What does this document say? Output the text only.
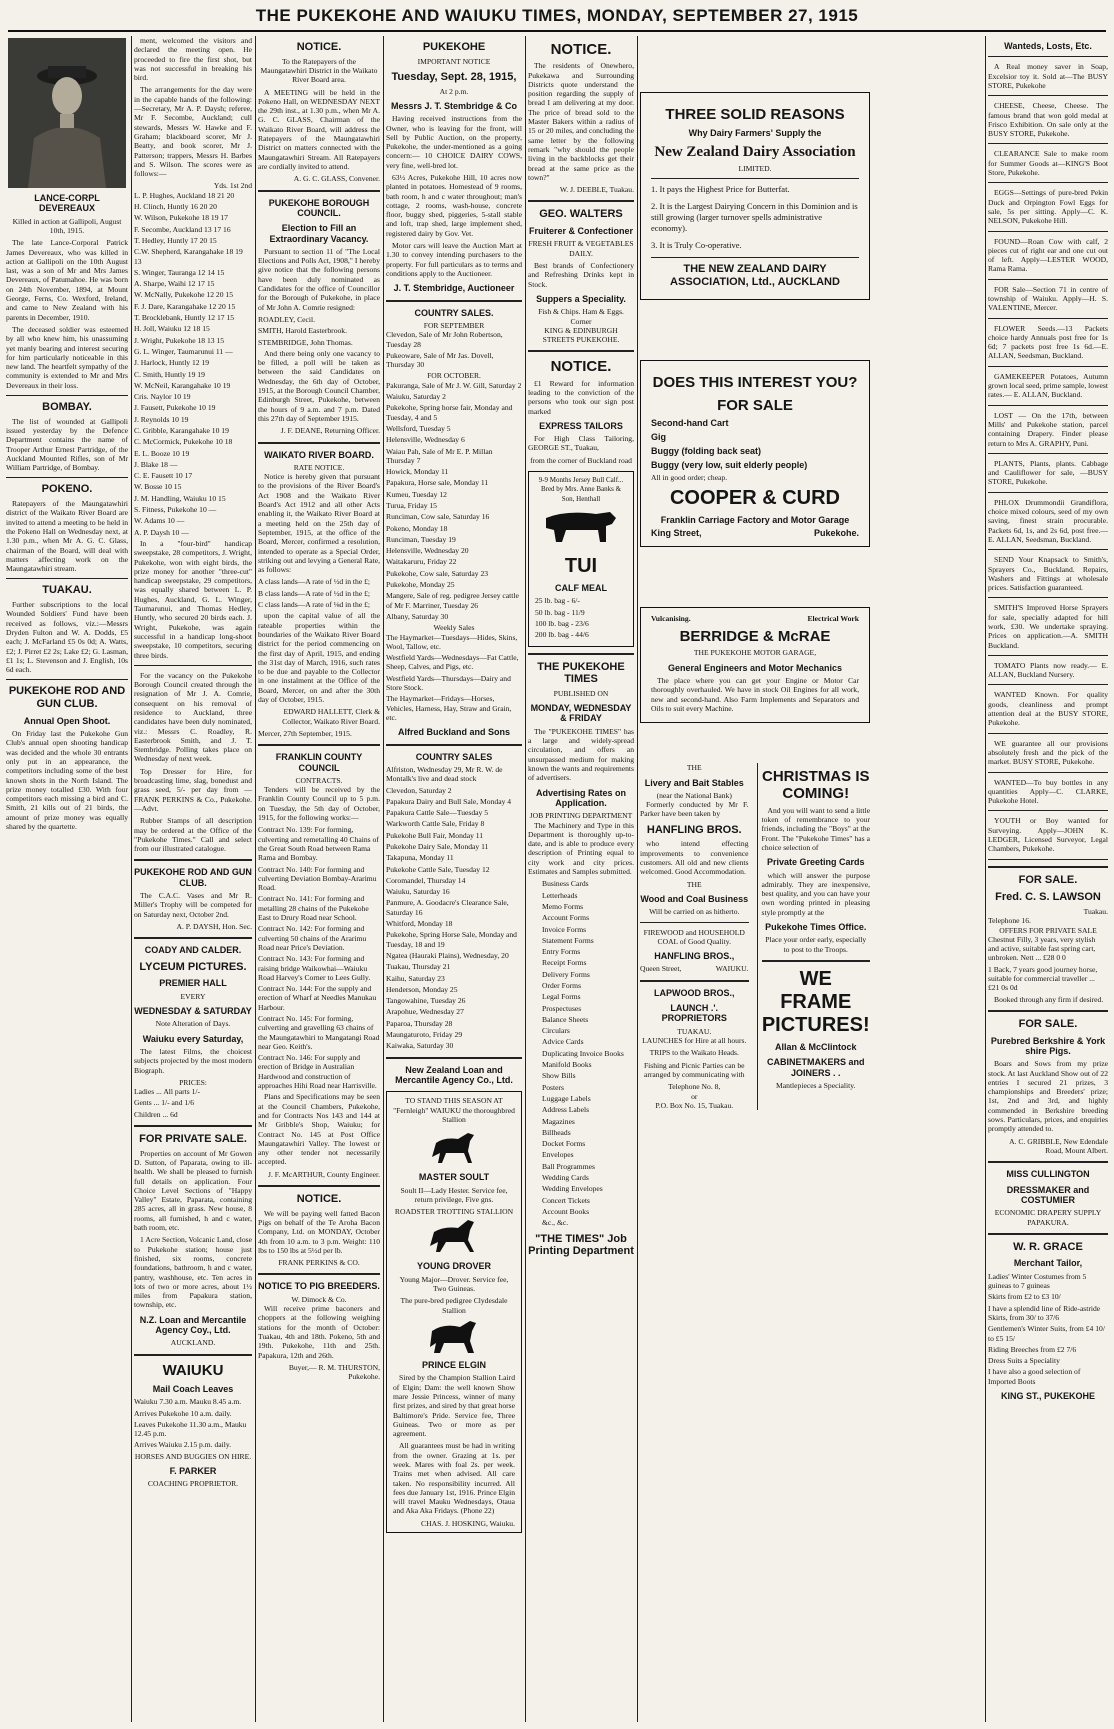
THE PUKEKOHE AND WAIUKU TIMES, MONDAY, SEPTEMBER 27, 1915
LANCE-CORPL DEVEREAUX

Killed in action at Gallipoli, August 10th, 1915.

The late Lance-Corporal Patrick James Devereaux, who was killed in action at Gallipoli on the 10th August last, was a son of Mr and Mrs James Devereaux, of Patumahoe. He was born on 24th November, 1894, at Mount George, Ferns, Co. Wexford, Ireland, and came to New Zealand with his parents in December, 1910.

The deceased soldier was esteemed by all who knew him, his unassuming yet manly bearing and interest securing for him particularly noticeable in this new land. The heartfelt sympathy of the community is extended to Mr and Mrs Devereaux in their loss.

BOMBAY.

The list of wounded at Gallipoli issued yesterday by the Defence Department contains the name of Trooper Arthur Ernest Partridge, of the Auckland Mounted Rifles, son of Mr William Partridge, of Bombay.

POKENO.

Ratepayers of the Maungatawhiri district of the Waikato River Board are invited to attend a meeting to be held in the Pokeno Hall on Wednesday next, at 1.30 p.m., when Mr A. G. C. Glass, chairman of the Board, will deal with matters affecting work on the Maungatawhiri stream.

TUAKAU.

Further subscriptions to the local Wounded Soldiers' Fund have been received as follows, viz.:—Messrs Dryden Fulton and W. A. Dodds, £5 each; J. McFarland £5 0s 0d; A. Watts, £2; J. Pirret £2 2s; Lake £2; G. Lasman, £1 1s; L. Stevenson and J. English, 10s 6d each.

PUKEKOHE ROD AND GUN CLUB.
Annual Open Shoot.

On Friday last the Pukekohe Gun Club's annual open shooting handicap was decided and the whole 30 entrants only put in an appearance, the competitors including some of the best known shots in the North Island. The prize money totalled £30. With four competitors each missing a bird and C. Smith, 21 kills out of 21 birds, the amount of prize money was equally shared by the quartette.

ment, welcomed the visitors and declared the meeting open. He proceeded to fire the first shot, but was not successful in breaking his bird.

The arrangements for the day were in the capable hands of the following:—Secretary, Mr A. P. Daysh; referee, Mr F. Secombe, Auckland; cull stewards, Messrs W. Hawke and F. Graham; blackboard scorer, Mr J. Beatty, and book scorer, Mr J. Patterson; trappers, Messrs H. Barbes and S. Wilson. The scores were as follows:—

Yds. 1st 2nd
L. P. Hughes, Auckland 18 21 20
H. Clinch, Huntly 16 20 20
W. Wilson, Pukekohe 18 19 17
F. Secombe, Auckland 13 17 16
T. Hedley, Huntly 17 20 15
C.W. Shepherd, Karangahake 18 19 13
S. Winger, Tauranga 12 14 15
A. Sharpe, Waihi 12 17 15
W. McNally, Pukekohe 12 20 15
F. J. Dare, Karangahake 12 20 15
T. Brocklebank, Huntly 12 17 15
H. Joll, Waiuku 12 18 15
J. Wright, Pukekohe 18 13 15
G. L. Winger, Taumarunui 11 —
J. Harlock, Huntly 12 19
C. Smith, Huntly 19 19
W. McNeil, Karangahake 10 19
Cris. Naylor 10 19
J. Fausett, Pukekohe 10 19
J. Reynolds 10 19
C. Gribble, Karangahake 10 19
C. McCormick, Pukekohe 10 18
E. L. Booze 10 19
J. Blake 18 —
C. E. Fausett 10 17
W. Bosse 10 15
J. M. Handling, Waiuku 10 15
S. Fitness, Pukekohe 10 —
W. Adams 10 —
A. P. Daysh 10 —

In a "four-bird" handicap sweepstake, 28 competitors, J. Wright, Pukekohe, won with eight birds, the prize money for another "three-cut" handicap sweepstake, 29 competitors, was equally shared between L. P. Hughes, Auckland, G. L. Winger, Taumarunui, and Thomas Hedley, Huntly, who secured 20 birds each. J. Wright, Pukekohe, was again successful in a handicap long-shoot sweepstake, 10 competitors, securing three birds.

For the vacancy on the Pukekohe Borough Council created through the resignation of Mr J. A. Comrie, consequent on his removal of residence to Auckland, three candidates have been duly nominated, viz.: Messrs C. Roadley, R. Easterbrook Smith, and J. T. Stembridge. Polling takes place on Wednesday of next week.

Top Dresser for Hire, for broadcasting lime, slag, bonedust and grass seed, 5/- per day from — FRANK PERKINS & Co., Pukekohe.—Advt.

Rubber Stamps of all description may be ordered at the Office of the "Pukekohe Times." Call and select from our illustrated catalogue.

PUKEKOHE ROD AND GUN CLUB.

The C.A.C. Vases and Mr R. Miller's Trophy will be competed for on Saturday next, October 2nd.

A. P. DAYSH, Hon. Sec.

COADY AND CALDER.
LYCEUM PICTURES.
PREMIER HALL
EVERY
WEDNESDAY & SATURDAY
Note Alteration of Days.
Waiuku every Saturday,

The latest Films, the choicest subjects projected by the most modern Biograph.

PRICES:
Ladies ... All parts 1/-
Gents ... 1/- and 1/6
Children ... 6d
FOR PRIVATE SALE.

Properties on account of Mr Gowen D. Sutton, of Paparata, owing to ill-health. We shall be pleased to furnish full details on application. Four Choice Level Sections of "Happy Valley" Estate, Paparata, containing 285 acres, all in grass. New house, 8 rooms, all furnished, h and c water, bath room, etc.

1 Acre Section, Volcanic Land, close to Pukekohe station; house just finished, six rooms, concrete foundations, bathroom, h and c water, pantry, washhouse, etc. Ten acres in lots of two or more acres, about 1½ miles from Papakura station, township, etc.

N.Z. Loan and Mercantile Agency Coy., Ltd.
AUCKLAND.
WAIUKU
Mail Coach Leaves
Waiuku 7.30 a.m. Mauku 8.45 a.m.
Arrives Pukekohe 10 a.m. daily.
Leaves Pukekohe 11.30 a.m., Mauku 12.45 p.m.
Arrives Waiuku 2.15 p.m. daily.
HORSES AND BUGGIES ON HIRE.
F. PARKER
COACHING PROPRIETOR.
NOTICE.

To the Ratepayers of the Maungatawhiri District in the Waikato River Board area.

A MEETING will be held in the Pokeno Hall, on WEDNESDAY NEXT the 29th inst., at 1.30 p.m., when Mr A. G. C. GLASS, Chairman of the Waikato River Board, will address the Ratepayers of the Maungatawhiri District on matters connected with the Maungatawhiri Stream. All Ratepayers are cordially invited to attend.

A. G. C. GLASS, Convener.

PUKEKOHE BOROUGH COUNCIL.
Election to Fill an Extraordinary Vacancy.

Pursuant to section 11 of "The Local Elections and Polls Act, 1908," I hereby give notice that the following persons have been duly nominated as Candidates for the office of Councillor for the Borough of Pukekohe, in place of Mr John A. Comrie resigned:

ROADLEY, Cecil.
SMITH, Harold Easterbrook.
STEMBRIDGE, John Thomas.

And there being only one vacancy to be filled, a poll will be taken as between the said Candidates on Wednesday, the 6th day of October, 1915, at the Borough Council Chamber, Edinburgh Street, Pukekohe, between the hours of 9 a.m. and 7 p.m. Dated this 27th day of September 1915.

J. F. DEANE, Returning Officer.

WAIKATO RIVER BOARD.
RATE NOTICE.

Notice is hereby given that pursuant to the provisions of the River Board's Act 1908 and the Waikato River Board's Act 1912 and all other Acts enabling it, the Waikato River Board at a meeting held on the 25th day of September, 1915, at the office of the Board, Mercer, confirmed a resolution, intended to operate as a Special Order, striking out and levying a General Rate, as follows:

A class lands—A rate of ½d in the £;
B class lands—A rate of ½d in the £;
C class lands—A rate of ⅛d in the £;

upon the capital value of all the rateable properties within the boundaries of the Waikato River Board district for the period commencing on the first day of April, 1915, and ending the 31st day of March, 1916, such rates to be due and payable to the Collector in one instalment at the Office of the Board, Mercer, on and after the 30th day of October, 1915.

EDWARD HALLETT, Clerk & Collector, Waikato River Board.

Mercer, 27th September, 1915.
FRANKLIN COUNTY COUNCIL
CONTRACTS.

Tenders will be received by the Franklin County Council up to 5 p.m. on Tuesday, the 5th day of October, 1915, for the following works:—

Contract No. 139: For forming, culverting and remetalling 40 Chains of the Great South Road between Rama Rama and Bombay.
Contract No. 140: For forming and culverting Deviation Bombay-Ararimu Road.
Contract No. 141: For forming and metalling 28 chains of the Pukekohe East to Drury Road near School.
Contract No. 142: For forming and culverting 50 chains of the Ararimu Road near Price's Deviation.
Contract No. 143: For forming and raising bridge Waikowhai—Waiuku Road Harvey's Corner to Lees Gully.
Contract No. 144: For the supply and erection of Wharf at Needles Manukau Harbour.
Contract No. 145: For forming, culverting and gravelling 63 chains of the Maungatawhiri to Mangatangi Road near Geo. Keith's.
Contract No. 146: For supply and erection of Bridge in Australian Hardwood and construction of approaches Hihi Road near Harrisville.

Plans and Specifications may be seen at the Council Chambers, Pukekohe, and for Contracts Nos 143 and 144 at Mr Gribble's Shop, Waiuku; for Contract No. 145 at Post Office Maungatawhiri Valley. The lowest or any other tender not necessarily accepted.

J. F. McARTHUR, County Engineer.

NOTICE.

We will be paying well fatted Bacon Pigs on behalf of the Te Aroha Bacon Company, Ltd. on MONDAY, October 4th from 10 a.m. to 3 p.m. Weight: 110 lbs to 150 lbs at 5½d per lb.

FRANK PERKINS & CO.
NOTICE TO PIG BREEDERS.
W. Dimock & Co.

Will receive prime baconers and choppers at the following weighing stations for the month of October: Tuakau, 4th and 18th. Pokeno, 5th and 19th. Pukekohe, 11th and 25th. Papakura, 12th and 26th.

Buyer,— R. M. THURSTON, Pukekohe.

PUKEKOHE
IMPORTANT NOTICE
Tuesday, Sept. 28, 1915,
At 2 p.m.
Messrs J. T. Stembridge & Co

Having received instructions from the Owner, who is leaving for the front, will Sell by Public Auction, on the property, Pukekohe, the under-mentioned as a going concern:— 10 CHOICE DAIRY COWS, very fine, well-bred lot.

63½ Acres, Pukekohe Hill, 10 acres now planted in potatoes. Homestead of 9 rooms, bath room, h and c water throughout; man's cottage, 2 rooms, wash-house, concrete floor, buggy shed, piggeries, 5-stall stable and loft, trap shed, large implement shed, registered dairy by Gov. Vet.

Motor cars will leave the Auction Mart at 1.30 to convey intending purchasers to the property. For full particulars as to terms and conditions apply to the Auctioneer.

J. T. Stembridge, Auctioneer
COUNTRY SALES.
FOR SEPTEMBER
Clevedon, Sale of Mr John Robertson, Tuesday 28
Pukeoware, Sale of Mr Jas. Dovell, Thursday 30
FOR OCTOBER.
Pakuranga, Sale of Mr J. W. Gill, Saturday 2
Waiuku, Saturday 2
Pukekohe, Spring horse fair, Monday and Tuesday, 4 and 5
Wellsford, Tuesday 5
Helensville, Wednesday 6
Waiau Pah, Sale of Mr E. P. Millan Thursday 7
Howick, Monday 11
Papakura, Horse sale, Monday 11
Kumeu, Tuesday 12
Turua, Friday 15
Runciman, Cow sale, Saturday 16
Pokeno, Monday 18
Runciman, Tuesday 19
Helensville, Wednesday 20
Waitakaruru, Friday 22
Pukekohe, Cow sale, Saturday 23
Pukekohe, Monday 25
Mangere, Sale of reg. pedigree Jersey cattle of Mr F. Marriner, Tuesday 26
Albany, Saturday 30
Weekly Sales
The Haymarket—Tuesdays—Hides, Skins, Wool, Tallow, etc.
Westfield Yards—Wednesdays—Fat Cattle, Sheep, Calves, and Pigs, etc.
Westfield Yards—Thursdays—Dairy and Store Stock.
The Haymarket—Fridays—Horses, Vehicles, Harness, Hay, Straw and Grain, etc.
Alfred Buckland and Sons
COUNTRY SALES
Alfriston, Wednesday 29, Mr R. W. de Montalk's live and dead stock
Clevedon, Saturday 2
Papakura Dairy and Bull Sale, Monday 4
Papakura Cattle Sale—Tuesday 5
Warkworth Cattle Sale, Friday 8
Pukekohe Bull Fair, Monday 11
Pukekohe Dairy Sale, Monday 11
Takapuna, Monday 11
Pukekohe Cattle Sale, Tuesday 12
Coromandel, Thursday 14
Waiuku, Saturday 16
Panmure, A. Goodacre's Clearance Sale, Saturday 16
Whitford, Monday 18
Pukekohe, Spring Horse Sale, Monday and Tuesday, 18 and 19
Ngatea (Hauraki Plains), Wednesday, 20
Tuakau, Thursday 21
Kaihu, Saturday 23
Henderson, Monday 25
Tangowahine, Tuesday 26
Arapohue, Wednesday 27
Paparoa, Thursday 28
Maungaturoto, Friday 29
Kaiwaka, Saturday 30
New Zealand Loan and Mercantile Agency Co., Ltd.

TO STAND THIS SEASON AT "Fernleigh" WAIUKU the thoroughbred Stallion

MASTER SOULT

Soult II—Lady Hester. Service fee, return privilege, Five gns.

ROADSTER TROTTING STALLION
YOUNG DROVER

Young Major—Drover. Service fee, Two Guineas.

The pure-bred pedigree Clydesdale Stallion
PRINCE ELGIN

Sired by the Champion Stallion Laird of Elgin; Dam: the well known Show mare Jessie Princess, winner of many first prizes, and sired by that great horse Baltimore's Pride. Service fee, Three Guineas. Two or more as per agreement.

All guarantees must be had in writing from the owner. Grazing at 1s. per week. Mares with foal 2s. per week. Trains met when advised. All care taken. No responsibility incurred. All fees due January 1st, 1916. Prince Elgin will travel Mauku Wednesdays, Otaua and Aka Aka Fridays. (Phone 22)

CHAS. J. HOSKING, Waiuku.
NOTICE.

The residents of Onewhero, Pukekawa and Surrounding Districts quote understand the position regarding the supply of bread I am delivering at my door. The price of bread sold to the Master Bakers within a radius of 15 or 20 miles, and concluding the same letter by the following remark "why should the people living in the backblocks get their bread at the same price as the town?"

W. J. DEEBLE, Tuakau.

GEO. WALTERS
Fruiterer & Confectioner

FRESH FRUIT & VEGETABLES DAILY.

Best brands of Confectionery and Refreshing Drinks kept in Stock.

Suppers a Speciality.
Fish & Chips. Ham & Eggs.
Corner
KING & EDINBURGH STREETS PUKEKOHE.
NOTICE.

£1 Reward for information leading to the conviction of the persons who took our sign post marked

EXPRESS TAILORS

For High Class Tailoring, GEORGE ST., Tuakau,

from the corner of Buckland road

9-9 Months Jersey Bull Calf... Bred by Mrs. Anne Banks & Son, Henthall
TUI
CALF MEAL
25 lb. bag - 6/-
50 lb. bag - 11/9
100 lb. bag - 23/6
200 lb. bag - 44/6
THE PUKEKOHE TIMES
PUBLISHED ON
MONDAY, WEDNESDAY & FRIDAY

The "PUKEKOHE TIMES" has a large and widely-spread circulation, and offers an unsurpassed medium for making known the wants and requirements of advertisers.

Advertising Rates on Application.
JOB PRINTING DEPARTMENT

The Machinery and Type in this Department is thoroughly up-to-date, and is able to produce every description of Printing equal to city work and city prices. Estimates and Samples submitted.

Business Cards
Letterheads
Memo Forms
Account Forms
Invoice Forms
Statement Forms
Entry Forms
Receipt Forms
Delivery Forms
Order Forms
Legal Forms
Prospectuses
Balance Sheets
Circulars
Advice Cards
Duplicating Invoice Books
Manifold Books
Show Bills
Posters
Luggage Labels
Address Labels
Magazines
Billheads
Docket Forms
Envelopes
Ball Programmes
Wedding Cards
Wedding Envelopes
Concert Tickets
Account Books
&c., &c.
"THE TIMES" Job Printing Department
THREE SOLID REASONS
Why Dairy Farmers' Supply the
New Zealand Dairy Association
LIMITED.
1. It pays the Highest Price for Butterfat.
2. It is the Largest Dairying Concern in this Dominion and is still growing (larger turnover spells administrative economy).
3. It is Truly Co-operative.
THE NEW ZEALAND DAIRY ASSOCIATION, Ltd., AUCKLAND
DOES THIS INTEREST YOU?
FOR SALE
Second-hand Cart
Gig
Buggy (folding back seat)
Buggy (very low, suit elderly people)
All in good order; cheap.
COOPER & CURD
Franklin Carriage Factory and Motor Garage
King Street,	Pukekohe.
Vulcanising.	Electrical Work
BERRIDGE & McRAE
THE PUKEKOHE MOTOR GARAGE,
General Engineers and Motor Mechanics

The place where you can get your Engine or Motor Car thoroughly overhauled. We have in stock Oil Engines for all work, new and second-hand. Also Farm Implements and Separators and Oils to suit every Machine.

THE
Livery and Bait Stables
(near the National Bank)

Formerly conducted by Mr F. Parker have been taken by

HANFLING BROS.

who intend effecting improvements to convenience customers. All old and new clients welcomed. Good Accommodation.

THE
Wood and Coal Business
Will be carried on as hitherto.

FIREWOOD and HOUSEHOLD COAL of Good Quality.

HANFLING BROS.,
Queen Street,	WAIUKU.
LAPWOOD BROS.,
LAUNCH .'. PROPRIETORS
TUAKAU.

LAUNCHES for Hire at all hours.

TRIPS to the Waikato Heads.

Fishing and Picnic Parties can be arranged by communicating with

Telephone No. 8,
or
P.O. Box No. 15, Tuakau.
CHRISTMAS IS COMING!

And you will want to send a little token of remembrance to your friends, including the "Boys" at the Front. The "Pukekohe Times" has a choice selection of

Private Greeting Cards

which will answer the purpose admirably. They are inexpensive, best quality, and you can have your own wording printed in pleasing style promptly at the

Pukekohe Times Office.

Place your order early, especially to post to the Troops.

WE FRAME PICTURES!
Allan & McClintock
CABINETMAKERS and JOINERS . .
Mantlepieces a Speciality.
Wanteds, Losts, Etc.

A Real money saver in Soap, Excelsior toy it. Sold at—The BUSY STORE, Pukekohe

CHEESE, Cheese, Cheese. The famous brand that won gold medal at Frisco Exhibition. On sale only at the BUSY STORE, Pukekohe.

CLEARANCE Sale to make room for Summer Goods at—KING'S Boot Store, Pukekohe.

EGGS—Settings of pure-bred Pekin Duck and Orpington Fowl Eggs for sale, 5s per sitting. Apply—C. K. NELSON, Pukekohe Hill.

FOUND—Roan Cow with calf, 2 pieces cut of right ear and one cut out of left. Apply—LESTER WOOD, Rama Rama.

FOR Sale—Section 71 in centre of township of Waiuku. Apply—H. S. VALENTINE, Mercer.

FLOWER Seeds.—13 Packets choice hardy Annuals post free for 1s 6d; 7 packets post free 1s 6d.—E. ALLAN, Seedsman, Buckland.

GAMEKEEPER Potatoes, Autumn grown local seed, prime sample, lowest rates.— E. ALLAN, Buckland.

LOST — On the 17th, between Mills' and Pukekohe station, parcel containing Drapery. Finder please return to Mrs A. GRAPHY, Puni.

PLANTS, Plants, plants. Cabbage and Cauliflower for sale, —BUSY STORE, Pukekohe.

PHLOX Drummondii Grandiflora, choice mixed colours, seed of my own saving, finest strain procurable. Packets 6d, 1s, and 2s 6d, post free.— E. ALLAN, Seedsman, Buckland.

SEND Your Knapsack to Smith's, Sprayers Co., Buckland. Repairs, Washers and Fittings at wholesale prices. Satisfaction guaranteed.

SMITH'S Improved Horse Sprayers for sale, specially adapted for hill work, £30. We undertake spraying. Prices on application.—A. SMITH Buckland.

TOMATO Plants now ready.— E. ALLAN, Buckland Nursery.

WANTED Known. For quality goods, cleanliness and prompt attention deal at the BUSY STORE, Pukekohe.

WE guarantee all our provisions absolutely fresh and the pick of the market. BUSY STORE, Pukekohe.

WANTED—To buy bottles in any quantities Apply—C. CLARKE, Pukekohe Hotel.

YOUTH or Boy wanted for Surveying. Apply—JOHN K. LEDGER, Licensed Surveyor, Legal Chambers, Pukekohe.

FOR SALE.
Fred. C. S. LAWSON
Tuakau.
Telephone 16.
OFFERS FOR PRIVATE SALE
Chestnut Filly, 3 years, very stylish and active, suitable fast spring cart, unbroken. Nett ... £28 0 0
1 Back, 7 years good journey horse, suitable for commercial traveller ... £21 0s 0d

Booked through any firm if desired.

FOR SALE.
Purebred Berkshire & York shire Pigs.

Boars and Sows from my prize stock. At last Auckland Show out of 22 entries I secured 21 prizes, 3 championships and Breeders' prize; 1st, 2nd and 3rd, and highly commended in Berkshire breeding sows. Particulars, prices, and enquiries promptly attended to.

A. C. GRIBBLE, New Edendale Road, Mount Albert.

MISS CULLINGTON
DRESSMAKER and COSTUMIER
ECONOMIC DRAPERY SUPPLY PAPAKURA.
W. R. GRACE
Merchant Tailor,
Ladies' Winter Costumes from 5 guineas to 7 guineas
Skirts from £2 to £3 10/
I have a splendid line of Ride-astride Skirts, from 30/ to 37/6
Gentlemen's Winter Suits, from £4 10/ to £5 15/
Riding Breeches from £2 7/6
Dress Suits a Speciality
I have also a good selection of Imported Boots
KING ST., PUKEKOHE
